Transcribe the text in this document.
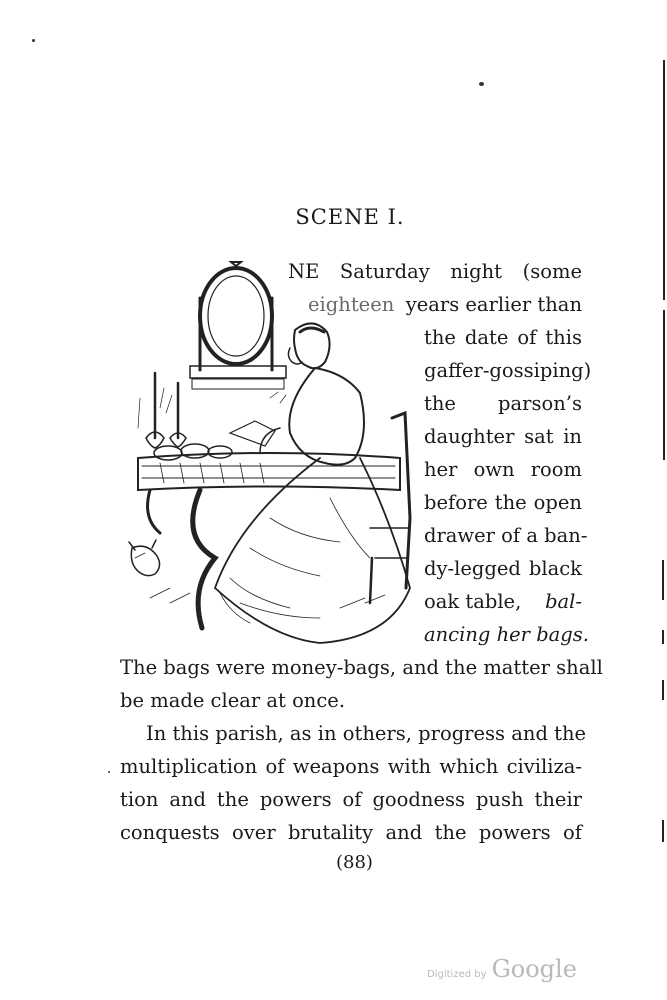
SCENE I.
NE Saturday night (some
eighteen years earlier than
the date of this
gaffer-gossiping)
the parson’s
daughter sat in
her own room
before the open
drawer of a ban-
dy-legged black
oak table, bal-
ancing her bags.
The bags were money-bags, and the matter shall
be made clear at once.
In this parish, as in others, progress and the
multiplication of weapons with which civiliza-
tion and the powers of goodness push their
conquests over brutality and the powers of
(88)
Digitized by Google
